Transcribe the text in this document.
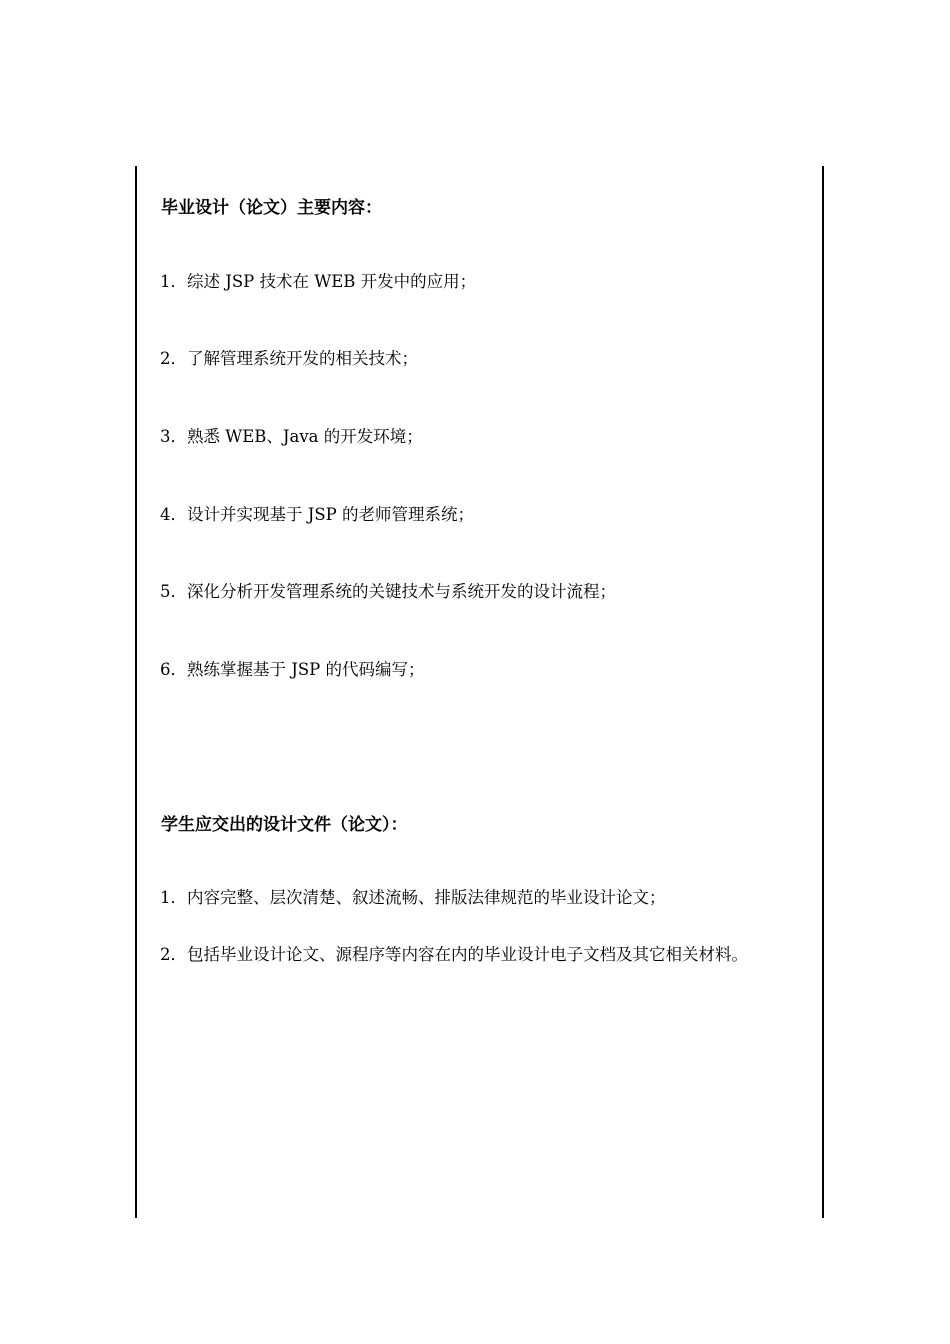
毕业设计（论文）主要内容：
1．综述 JSP 技术在 WEB 开发中的应用；
2．了解管理系统开发的相关技术；
3．熟悉 WEB、Java 的开发环境；
4．设计并实现基于 JSP 的老师管理系统；
5．深化分析开发管理系统的关键技术与系统开发的设计流程；
6．熟练掌握基于 JSP 的代码编写；
学生应交出的设计文件（论文）：
1．内容完整、层次清楚、叙述流畅、排版法律规范的毕业设计论文；
2．包括毕业设计论文、源程序等内容在内的毕业设计电子文档及其它相关材料。
